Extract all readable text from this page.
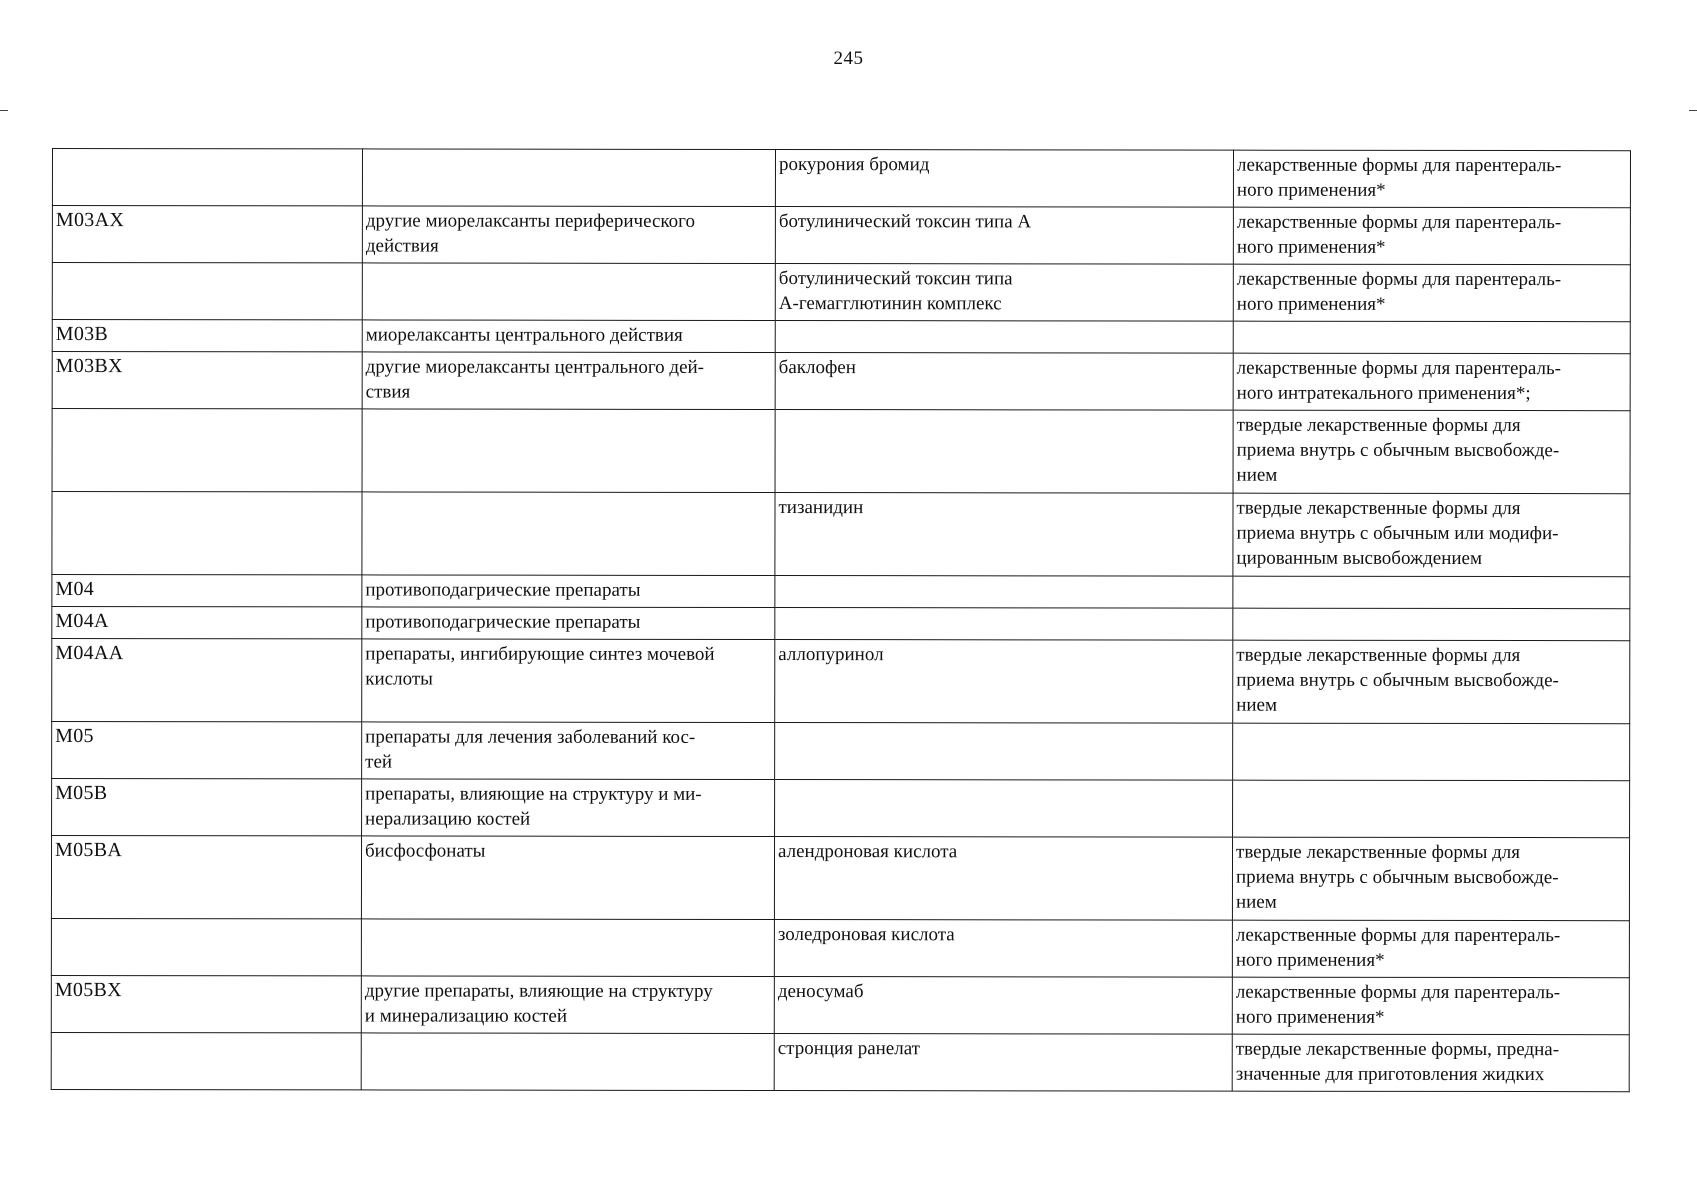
245
		рокурония бромид	лекарственные формы для парентераль-
ного применения*
M03AX	другие миорелаксанты периферического
действия	ботулинический токсин типа А	лекарственные формы для парентераль-
ного применения*
		ботулинический токсин типа
А-гемагглютинин комплекс	лекарственные формы для парентераль-
ного применения*
M03B	миорелаксанты центрального действия		
M03BX	другие миорелаксанты центрального дей-
ствия	баклофен	лекарственные формы для парентераль-
ного интратекального применения*;
			твердые лекарственные формы для
приема внутрь с обычным высвобожде-
нием
		тизанидин	твердые лекарственные формы для
приема внутрь с обычным или модифи-
цированным высвобождением
M04	противоподагрические препараты		
M04A	противоподагрические препараты		
M04AA	препараты, ингибирующие синтез мочевой
кислоты	аллопуринол	твердые лекарственные формы для
приема внутрь с обычным высвобожде-
нием
M05	препараты для лечения заболеваний кос-
тей		
M05B	препараты, влияющие на структуру и ми-
нерализацию костей		
M05BA	бисфосфонаты	алендроновая кислота	твердые лекарственные формы для
приема внутрь с обычным высвобожде-
нием
		золедроновая кислота	лекарственные формы для парентераль-
ного применения*
M05BX	другие препараты, влияющие на структуру
и минерализацию костей	деносумаб	лекарственные формы для парентераль-
ного применения*
		стронция ранелат	твердые лекарственные формы, предна-
значенные для приготовления жидких
